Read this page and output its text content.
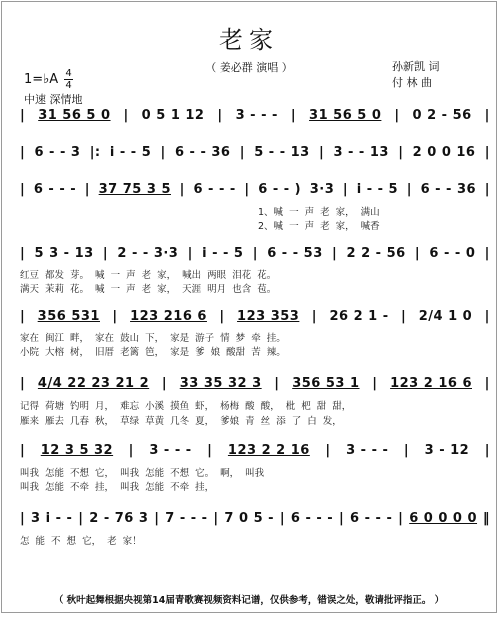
老家
（ 姜必群 演唱 ）
1=♭A $\frac{4}{4}$
中速 深情地
孙新凯 词
付 林 曲
| 31 56 5 0 | 0 5 1 12 | 3 - - - | 31 56 5 0 | 0 2 - 56 |
| 6 - - 3 |: i - - 5 | 6 - - 36 | 5 - - 13 | 3 - - 13 | 2 0 0 16 |
| 6 - - - | 37 75 3 5 | 6 - - - | 6 - - ) 3·3 | i - - 5 | 6 - - 36 |
1、喊 一 声 老 家， 满山
2、喊 一 声 老 家， 喊香
| 5 3 - 13 | 2 - - 3·3 | i - - 5 | 6 - - 53 | 2 2 - 56 | 6 - - 0 |
红豆 都发 芽。 喊 一 声 老 家， 喊出 两眼 泪花 花。
满天 茉莉 花。 喊 一 声 老 家， 天涯 明月 也含 苞。
| 356 531 | 123 216 6 | 123 353 | 26 2 1 - | 2/4 1 0 |
家在 闽江 畔， 家在 鼓山 下， 家是 游子 情 梦 牵 挂。
小院 大榕 树， 旧厝 老篱 笆， 家是 爹 娘 酸甜 苦 辣。
| 4/4 22 23 21 2 | 33 35 32 3 | 356 53 1 | 123 2 16 6 |
记得 荷塘 钓明 月， 难忘 小溪 摸鱼 虾， 杨梅 酸 酸， 枇 杷 甜 甜，
雁来 雁去 几春 秋， 草绿 草黄 几冬 夏， 爹娘 青 丝 添 了 白 发，
| 12 3 5 32 | 3 - - - | 123 2 2 16 | 3 - - - | 3 - 12 |
叫我 怎能 不想 它， 叫我 怎能 不想 它。 啊， 叫我
叫我 怎能 不牵 挂， 叫我 怎能 不牵 挂，
| 3 i - - | 2 - 76 3 | 7 - - - | 7 0 5 - | 6 - - - | 6 - - - | 6 0 0 0 0 ‖
怎 能 不 想 它， 老 家！
（ 秋叶起舞根据央视第14届青歌赛视频资料记谱，仅供参考，错误之处，敬请批评指正。 ）
